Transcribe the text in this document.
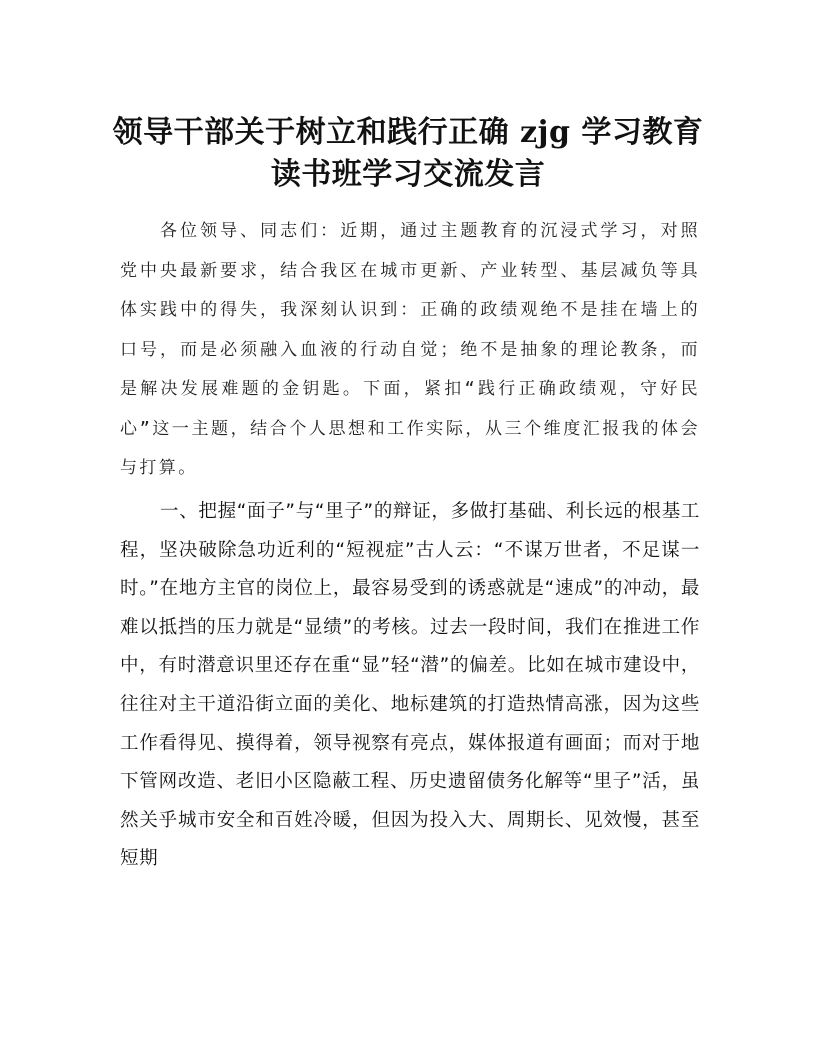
领导干部关于树立和践行正确 zjg 学习教育
读书班学习交流发言

各位领导、同志们：近期，通过主题教育的沉浸式学习，对照党中央最新要求，结合我区在城市更新、产业转型、基层减负等具体实践中的得失，我深刻认识到：正确的政绩观绝不是挂在墙上的口号，而是必须融入血液的行动自觉；绝不是抽象的理论教条，而是解决发展难题的金钥匙。下面，紧扣“践行正确政绩观，守好民心”这一主题，结合个人思想和工作实际，从三个维度汇报我的体会与打算。

一、把握“面子”与“里子”的辩证，多做打基础、利长远的根基工程，坚决破除急功近利的“短视症”古人云：“不谋万世者，不足谋一时。”在地方主官的岗位上，最容易受到的诱惑就是“速成”的冲动，最难以抵挡的压力就是“显绩”的考核。过去一段时间，我们在推进工作中，有时潜意识里还存在重“显”轻“潜”的偏差。比如在城市建设中，往往对主干道沿街立面的美化、地标建筑的打造热情高涨，因为这些工作看得见、摸得着，领导视察有亮点，媒体报道有画面；而对于地下管网改造、老旧小区隐蔽工程、历史遗留债务化解等“里子”活，虽然关乎城市安全和百姓冷暖，但因为投入大、周期长、见效慢，甚至短期
